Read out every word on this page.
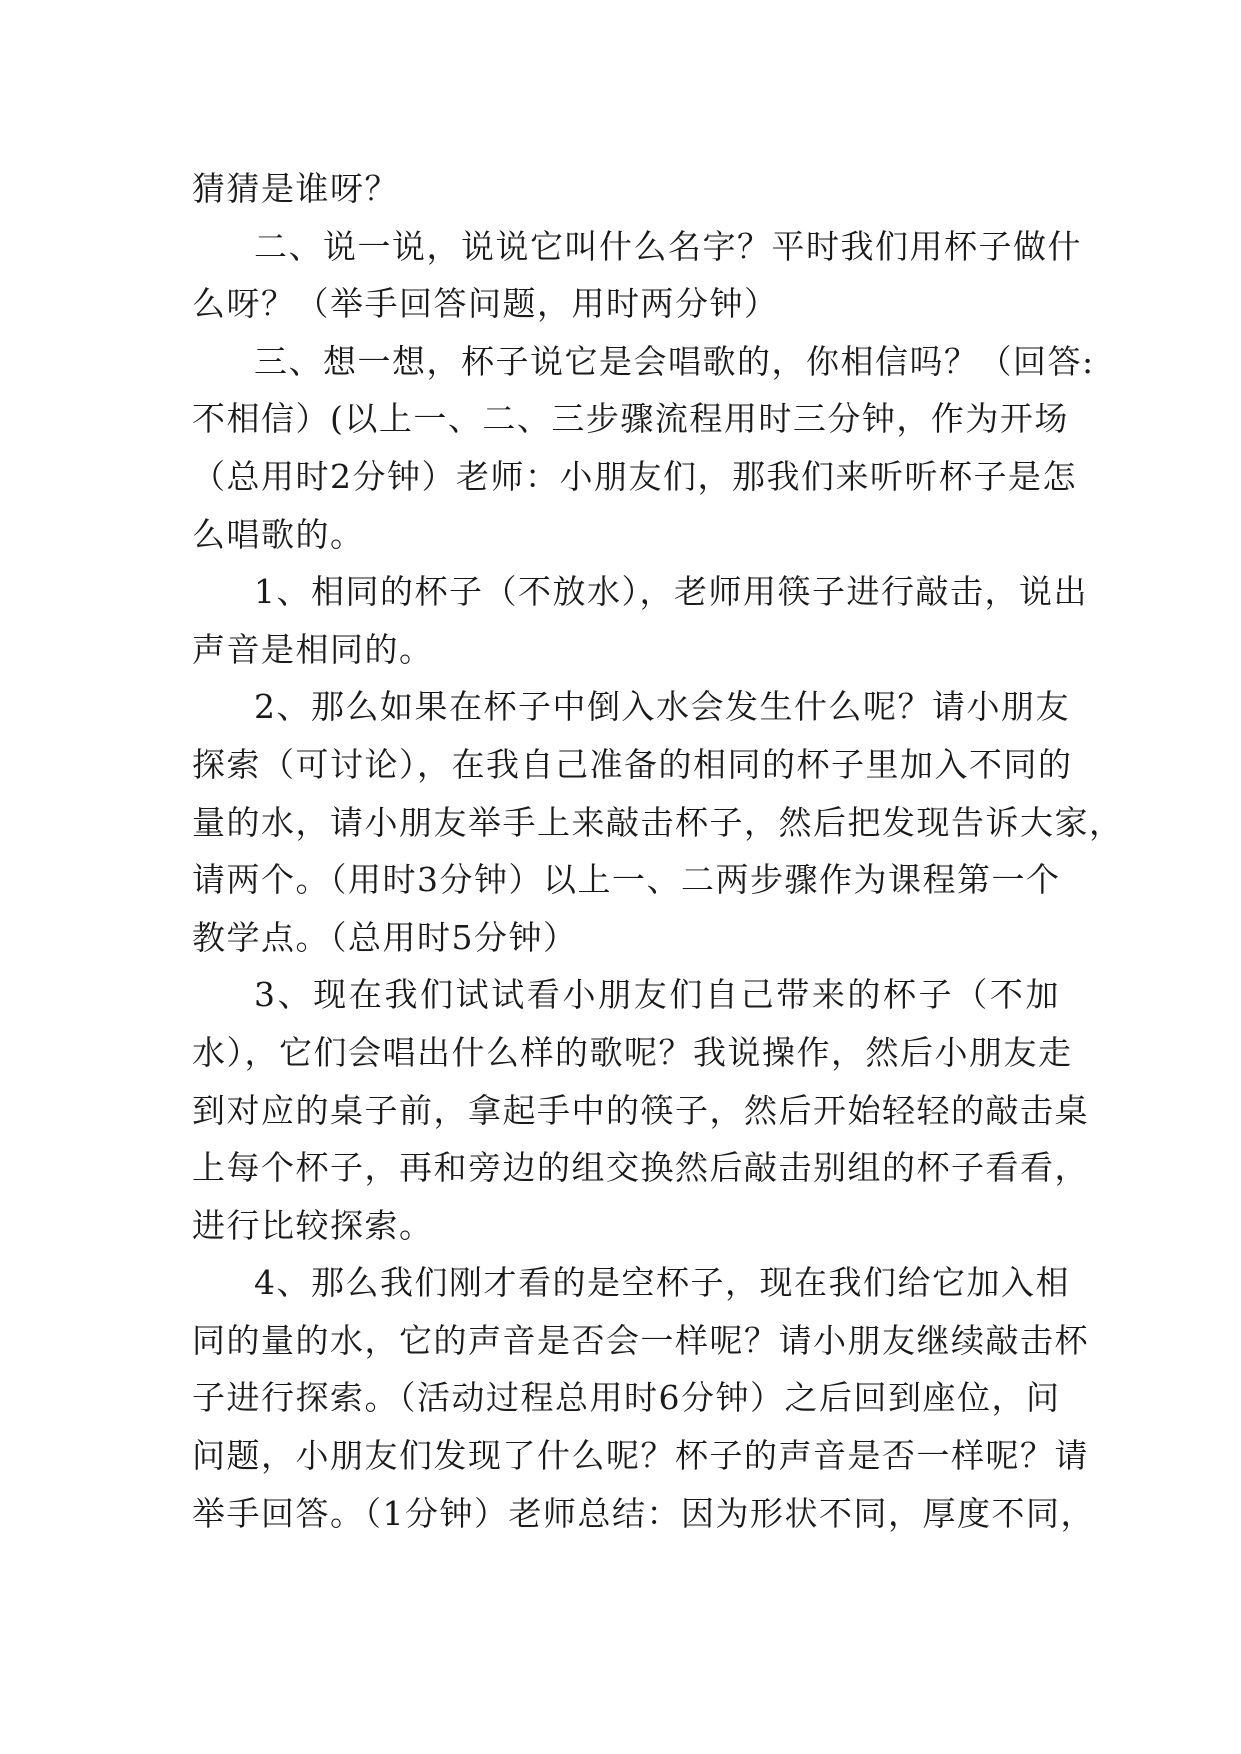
猜猜是谁呀？
二、说一说，说说它叫什么名字？平时我们用杯子做什
么呀？（举手回答问题，用时两分钟）
三、想一想，杯子说它是会唱歌的，你相信吗？（回答:
不相信）(以上一、二、三步骤流程用时三分钟，作为开场
（总用时2分钟）老师：小朋友们，那我们来听听杯子是怎
么唱歌的。
1、相同的杯子（不放水），老师用筷子进行敲击，说出
声音是相同的。
2、那么如果在杯子中倒入水会发生什么呢？请小朋友
探索（可讨论），在我自己准备的相同的杯子里加入不同的
量的水，请小朋友举手上来敲击杯子，然后把发现告诉大家，
请两个。（用时3分钟）以上一、二两步骤作为课程第一个
教学点。（总用时5分钟）
3、现在我们试试看小朋友们自己带来的杯子（不加
水），它们会唱出什么样的歌呢？我说操作，然后小朋友走
到对应的桌子前，拿起手中的筷子，然后开始轻轻的敲击桌
上每个杯子，再和旁边的组交换然后敲击别组的杯子看看，
进行比较探索。
4、那么我们刚才看的是空杯子，现在我们给它加入相
同的量的水，它的声音是否会一样呢？请小朋友继续敲击杯
子进行探索。（活动过程总用时6分钟）之后回到座位，问
问题，小朋友们发现了什么呢？杯子的声音是否一样呢？请
举手回答。（1分钟）老师总结：因为形状不同，厚度不同，
